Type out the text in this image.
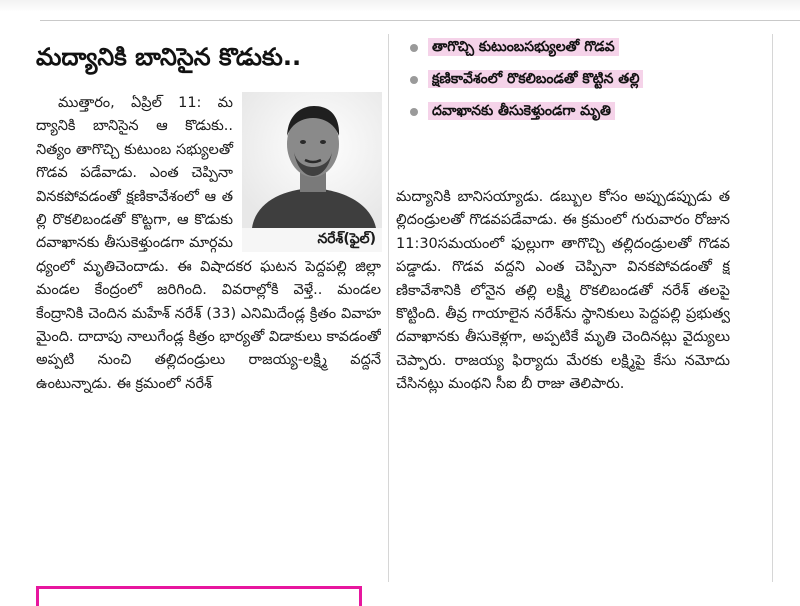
మద్యానికి బానిసైన కొడుకు..

ముత్తారం, ఏప్రిల్ 11: మద్యానికి బానిసైన ఆ కొడుకు.. నిత్యం తాగొచ్చి కుటుంబ సభ్యులతో గొడవ పడేవాడు. ఎంత చెప్పినా వినకపోవడంతో క్షణికావేశంలో ఆ తల్లి రొకలిబండతో కొట్టగా, ఆ కొడుకు దవాఖానకు తీసుకెళ్తుండగా మార్గమధ్యంలో మృతిచెందాడు. ఈ విషాదకర ఘటన పెద్దపల్లి జిల్లా మండల కేంద్రంలో జరిగింది. వివరాల్లోకి వెళ్తే.. మండల కేంద్రానికి చెందిన మహేశ్ నరేశ్ (33) ఎనిమిదేండ్ల క్రితం వివాహమైంది. దాదాపు నాలుగేండ్ల కిత్రం భార్యతో విడాకులు కావడంతో అప్పటి నుంచి తల్లిదండ్రులు రాజయ్య-లక్ష్మి వద్దనే ఉంటున్నాడు. ఈ క్రమంలో నరేశ్

నరేశ్(ఫైల్)
తాగొచ్చి కుటుంబసభ్యులతో గొడవ
క్షణికావేశంలో రొకలిబండతో కొట్టిన తల్లి
దవాఖానకు తీసుకెళ్తుండగా మృతి

మద్యానికి బానిసయ్యాడు. డబ్బుల కోసం అప్పుడప్పుడు తల్లిదండ్రులతో గొడవపడేవాడు. ఈ క్రమంలో గురువారం రోజున 11:30సమయంలో ఫుల్లుగా తాగొచ్చి తల్లిదండ్రులతో గొడవపడ్డాడు. గొడవ వద్దని ఎంత చెప్పినా వినకపోవడంతో క్షణికావేశానికి లోనైన తల్లి లక్ష్మి రొకలిబండతో నరేశ్ తలపై కొట్టింది. తీవ్ర గాయాలైన నరేశ్‌ను స్థానికులు పెద్దపల్లి ప్రభుత్వ దవాఖానకు తీసుకెళ్లగా, అప్పటికే మృతి చెందినట్లు వైద్యులు చెప్పారు. రాజయ్య ఫిర్యాదు మేరకు లక్ష్మిపై కేసు నమోదు చేసినట్లు మంథని సీఐ బీ రాజు తెలిపారు.
